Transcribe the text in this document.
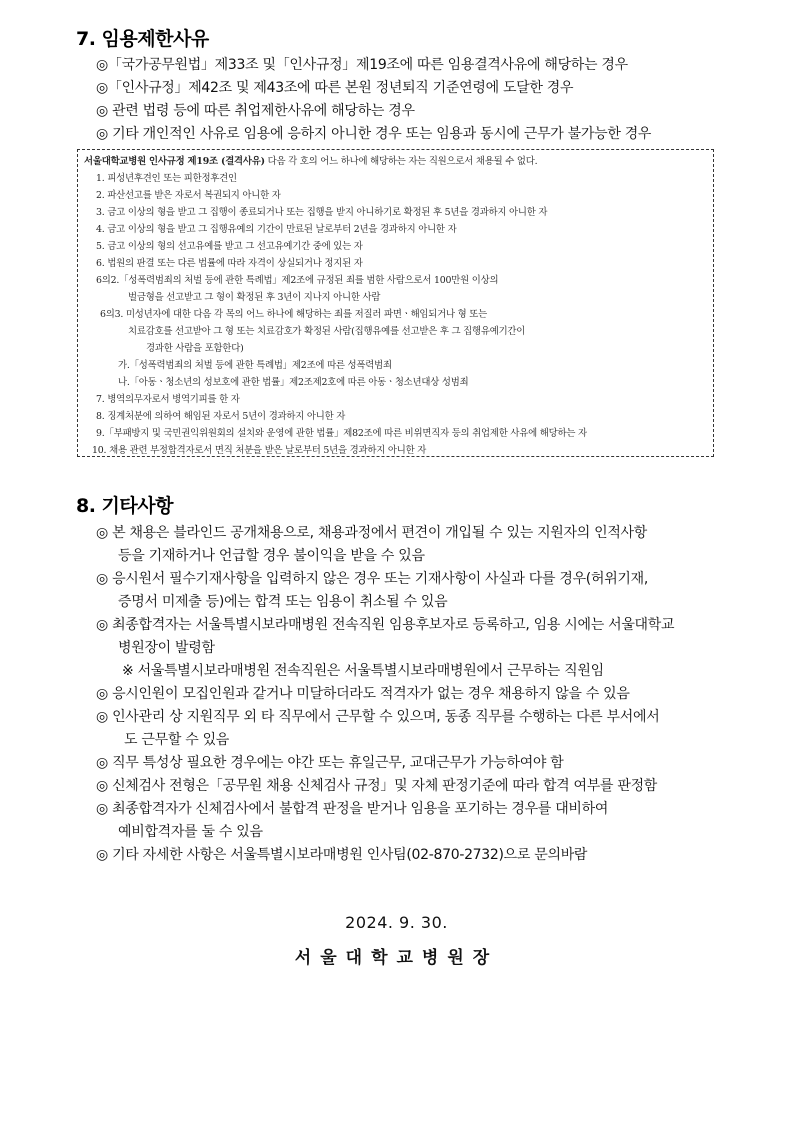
7. 임용제한사유
◎「국가공무원법」제33조 및「인사규정」제19조에 따른 임용결격사유에 해당하는 경우
◎「인사규정」제42조 및 제43조에 따른 본원 정년퇴직 기준연령에 도달한 경우
◎ 관련 법령 등에 따른 취업제한사유에 해당하는 경우
◎ 기타 개인적인 사유로 임용에 응하지 아니한 경우 또는 임용과 동시에 근무가 불가능한 경우
서울대학교병원 인사규정 제19조 (결격사유) 다음 각 호의 어느 하나에 해당하는 자는 직원으로서 채용될 수 없다.
1. 피성년후견인 또는 피한정후견인
2. 파산선고를 받은 자로서 복권되지 아니한 자
3. 금고 이상의 형을 받고 그 집행이 종료되거나 또는 집행을 받지 아니하기로 확정된 후 5년을 경과하지 아니한 자
4. 금고 이상의 형을 받고 그 집행유예의 기간이 만료된 날로부터 2년을 경과하지 아니한 자
5. 금고 이상의 형의 선고유예를 받고 그 선고유예기간 중에 있는 자
6. 법원의 판결 또는 다른 법률에 따라 자격이 상실되거나 정지된 자
6의2.「성폭력범죄의 처벌 등에 관한 특례법」제2조에 규정된 죄를 범한 사람으로서 100만원 이상의
벌금형을 선고받고 그 형이 확정된 후 3년이 지나지 아니한 사람
6의3. 미성년자에 대한 다음 각 목의 어느 하나에 해당하는 죄를 저질러 파면ㆍ해임되거나 형 또는
치료감호를 선고받아 그 형 또는 치료감호가 확정된 사람(집행유예를 선고받은 후 그 집행유예기간이
경과한 사람을 포함한다)
가.「성폭력범죄의 처벌 등에 관한 특례법」제2조에 따른 성폭력범죄
나.「아동ㆍ청소년의 성보호에 관한 법률」제2조제2호에 따른 아동ㆍ청소년대상 성범죄
7. 병역의무자로서 병역기피를 한 자
8. 징계처분에 의하여 해임된 자로서 5년이 경과하지 아니한 자
9.「부패방지 및 국민권익위원회의 설치와 운영에 관한 법률」제82조에 따른 비위면직자 등의 취업제한 사유에 해당하는 자
10. 채용 관련 부정합격자로서 면직 처분을 받은 날로부터 5년을 경과하지 아니한 자
8. 기타사항
◎ 본 채용은 블라인드 공개채용으로, 채용과정에서 편견이 개입될 수 있는 지원자의 인적사항
등을 기재하거나 언급할 경우 불이익을 받을 수 있음
◎ 응시원서 필수기재사항을 입력하지 않은 경우 또는 기재사항이 사실과 다를 경우(허위기재,
증명서 미제출 등)에는 합격 또는 임용이 취소될 수 있음
◎ 최종합격자는 서울특별시보라매병원 전속직원 임용후보자로 등록하고, 임용 시에는 서울대학교
병원장이 발령함
※ 서울특별시보라매병원 전속직원은 서울특별시보라매병원에서 근무하는 직원임
◎ 응시인원이 모집인원과 같거나 미달하더라도 적격자가 없는 경우 채용하지 않을 수 있음
◎ 인사관리 상 지원직무 외 타 직무에서 근무할 수 있으며, 동종 직무를 수행하는 다른 부서에서
도 근무할 수 있음
◎ 직무 특성상 필요한 경우에는 야간 또는 휴일근무, 교대근무가 가능하여야 함
◎ 신체검사 전형은「공무원 채용 신체검사 규정」및 자체 판정기준에 따라 합격 여부를 판정함
◎ 최종합격자가 신체검사에서 불합격 판정을 받거나 임용을 포기하는 경우를 대비하여
예비합격자를 둘 수 있음
◎ 기타 자세한 사항은 서울특별시보라매병원 인사팀(02-870-2732)으로 문의바람
2024. 9. 30.
서울대학교병원장
